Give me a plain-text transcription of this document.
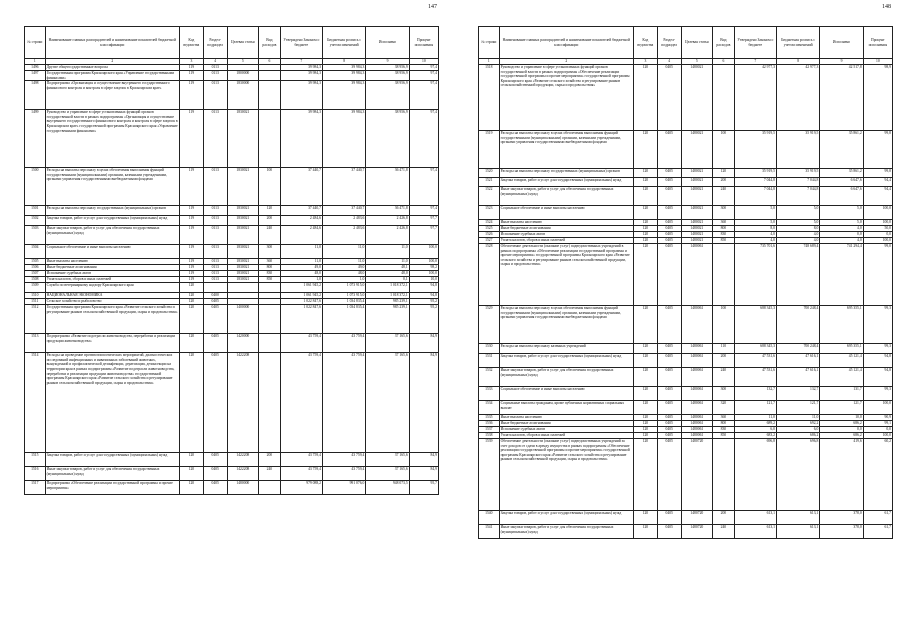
147
№ строки	Наименование главных распорядителей и наименование показателей бюджетной классификации	Код ведомства	Раздел-подраздел	Целевая статья	Вид расходов	Утверждено Законом о бюджете	Бюджетная роспись с учетом изменений	Исполнено	Процент исполнения
1	2	3	4	5	6	7	8	9	10
1496	Другие общегосударственные вопросы	119	0113			39 984,3	39 984,3	38 956,9	97,4
1497	Государственная программа Красноярского края «Управление государственными финансами»	119	0113	1800000		39 984,3	39 984,3	38 956,9	97,4
1498	Подпрограмма «Организация и осуществление внутреннего государственного финансового контроля и контроля в сфере закупок в Красноярском крае»	119	0113	1830000		39 984,3	39 984,3	38 956,9	97,4
1499	Руководство и управление в сфере установленных функций органов государственной власти в рамках подпрограммы «Организация и осуществление внутреннего государственного финансового контроля и контроля в сфере закупок в Красноярском крае» государственной программы Красноярского края «Управление государственными финансами»	119	0113	1830021		39 984,3	39 984,3	38 956,9	97,4
1500	Расходы на выплаты персоналу в целях обеспечения выполнения функций государственными (муниципальными) органами, казенными учреждениями, органами управления государственными внебюджетными фондами	119	0113	1830021	100	37 440,7	37 440,7	36 471,8	97,4
1501	Расходы на выплаты персоналу государственных (муниципальных) органов	119	0113	1830021	120	37 440,7	37 440,7	36 471,8	97,4
1502	Закупка товаров, работ и услуг для государственных (муниципальных) нужд	119	0113	1830021	200	2 484,6	2 483,6	2 426,8	97,7
1503	Иные закупки товаров, работ и услуг для обеспечения государственных (муниципальных) нужд	119	0113	1830021	240	2 484,6	2 483,6	2 426,8	97,7
1504	Социальное обеспечение и иные выплаты населению	119	0113	1830021	300	11,0	11,0	11,0	100,0
1505	Иные выплаты населению	119	0113	1830021	360	11,0	11,0	11,0	100,0
1506	Иные бюджетные ассигнования	119	0113	1830021	800	49,0	49,0	48,1	98,2
1507	Исполнение судебных актов	119	0113	1830021	830	48,0	48,0	48,0	100,0
1508	Уплата налогов, сборов и иных платежей	119	0113	1830021	850	1,0	1,0	0,1	10,0
1509	Служба по ветеринарному надзору Красноярского края	120				1 061 945,2	1 073 915,0	1 018 372,1	94,8
1510	НАЦИОНАЛЬНАЯ ЭКОНОМИКА	120	0400			1 061 945,2	1 073 915,0	1 018 372,1	94,8
1511	Сельское хозяйство и рыболовство	120	0405			1 022 847,6	1 034 835,4	985 239,1	95,2
1512	Государственная программа Красноярского края «Развитие сельского хозяйства и регулирование рынков сельскохозяйственной продукции, сырья и продовольствия»	120	0405	1400000		1 022 847,6	1 034 835,4	985 239,1	95,2
1513	Подпрограмма «Развитие подотрасли животноводства, переработки и реализации продукции животноводства»	120	0405	1420000		43 759,4	43 759,4	37 165,6	84,9
1514	Расходы на проведение противоэпизоотических мероприятий, диагностических исследований инфекционных и инвазионных заболеваний животных, вынужденной и профилактической дезинфекции, дератизации, дезинсекции на территории края в рамках подпрограммы «Развитие подотрасли животноводства, переработки и реализации продукции животноводства» государственной программы Красноярского края «Развитие сельского хозяйства и регулирование рынков сельскохозяйственной продукции, сырья и продовольствия»	120	0405	1422208		43 759,4	43 759,4	37 165,6	84,9
1515	Закупка товаров, работ и услуг для государственных (муниципальных) нужд	120	0405	1422208	200	43 759,4	43 759,4	37 165,6	84,9
1516	Иные закупки товаров, работ и услуг для обеспечения государственных (муниципальных) нужд	120	0405	1422208	240	43 759,4	43 759,4	37 165,6	84,9
1517	Подпрограмма «Обеспечение реализации государственной программы и прочие мероприятия»	120	0405	1480000		979 088,2	991 076,0	948 073,5	95,7
148
№ строки	Наименование главных распорядителей и наименование показателей бюджетной классификации	Код ведомства	Раздел-подраздел	Целевая статья	Вид расходов	Утверждено Законом о бюджете	Бюджетная роспись с учетом изменений	Исполнено	Процент исполнения
1	2	3	4	5	6	7	8	9	10
1518	Руководство и управление в сфере установленных функций органов государственной власти в рамках подпрограммы «Обеспечение реализации государственной программы и прочие мероприятия» государственной программы Красноярского края «Развитие сельского хозяйства и регулирование рынков сельскохозяйственной продукции, сырья и продовольствия»	120	0405	1480021		42 977,3	42 977,3	42 517,8	98,9
1519	Расходы на выплаты персоналу в целях обеспечения выполнения функций государственными (муниципальными) органами, казенными учреждениями, органами управления государственными внебюджетными фондами	120	0405	1480021	100	35 919,5	35 919,5	35 861,2	99,8
1520	Расходы на выплаты персоналу государственных (муниципальных) органов	120	0405	1480021	120	35 919,5	35 919,5	35 861,2	99,8
1521	Закупка товаров, работ и услуг для государственных (муниципальных) нужд	120	0405	1480021	200	7 044,8	7 044,8	6 647,6	94,4
1522	Иные закупки товаров, работ и услуг для обеспечения государственных (муниципальных) нужд	120	0405	1480021	240	7 044,8	7 044,8	6 647,6	94,4
1523	Социальное обеспечение и иные выплаты населению	120	0405	1480021	300	5,0	5,0	5,0	100,0
1524	Иные выплаты населению	120	0405	1480021	360	5,0	5,0	5,0	100,0
1525	Иные бюджетные ассигнования	120	0405	1480021	800	8,0	8,0	4,0	50,0
1526	Исполнение судебных актов	120	0405	1480021	830	4,0	4,0	0,0	0,0
1527	Уплата налогов, сборов и иных платежей	120	0405	1480021	850	4,0	4,0	4,0	100,0
1528	Обеспечение деятельности (оказание услуг) подведомственных учреждений в рамках подпрограммы «Обеспечение реализации государственной программы и прочие мероприятия» государственной программы Красноярского края «Развитие сельского хозяйства и регулирование рынков сельскохозяйственной продукции, сырья и продовольствия»	120	0405	1480061		735 701,6	748 689,4	741 294,4	99,0
1529	Расходы на выплаты персоналу в целях обеспечения выполнения функций государственными (муниципальными) органами, казенными учреждениями, органами управления государственными внебюджетными фондами	120	0405	1480061	100	688 345,3	700 248,4	695 355,1	99,3
1530	Расходы на выплаты персоналу казенных учреждений	120	0405	1480061	110	688 345,3	700 248,4	695 355,1	99,3
1531	Закупка товаров, работ и услуг для государственных (муниципальных) нужд	120	0405	1480061	200	47 531,6	47 616,1	45 121,4	94,8
1532	Иные закупки товаров, работ и услуг для обеспечения государственных (муниципальных) нужд	120	0405	1480061	240	47 531,6	47 616,1	45 121,4	94,8
1533	Социальное обеспечение и иные выплаты населению	120	0405	1480061	300	132,7	132,7	131,7	99,3
1534	Социальные выплаты гражданам, кроме публичных нормативных социальных выплат	120	0405	1480061	320	121,7	121,7	121,7	100,0
1535	Иные выплаты населению	120	0405	1480061	360	11,0	11,0	10,0	90,9
1536	Иные бюджетные ассигнования	120	0405	1480061	800	689,2	692,2	686,2	99,1
1537	Исполнение судебных актов	120	0405	1480061	830	6,0	6,0	0,0	0,0
1538	Уплата налогов, сборов и иных платежей	120	0405	1480061	850	683,2	686,2	686,2	100,0
1539	Обеспечение деятельности (оказание услуг) подведомственных учреждений за счет доходов от сдачи в аренду имущества в рамках подпрограммы «Обеспечение реализации государственной программы и прочие мероприятия» государственной программы Красноярского края «Развитие сельского хозяйства и регулирование рынков сельскохозяйственной продукции, сырья и продовольствия»	120	0405	1480720		696,8	696,8	419,6	60,2
1540	Закупка товаров, работ и услуг для государственных (муниципальных) нужд	120	0405	1480720	200	613,1	613,1	378,0	61,7
1541	Иные закупки товаров, работ и услуг для обеспечения государственных (муниципальных) нужд	120	0405	1480720	240	613,1	613,1	378,0	61,7
